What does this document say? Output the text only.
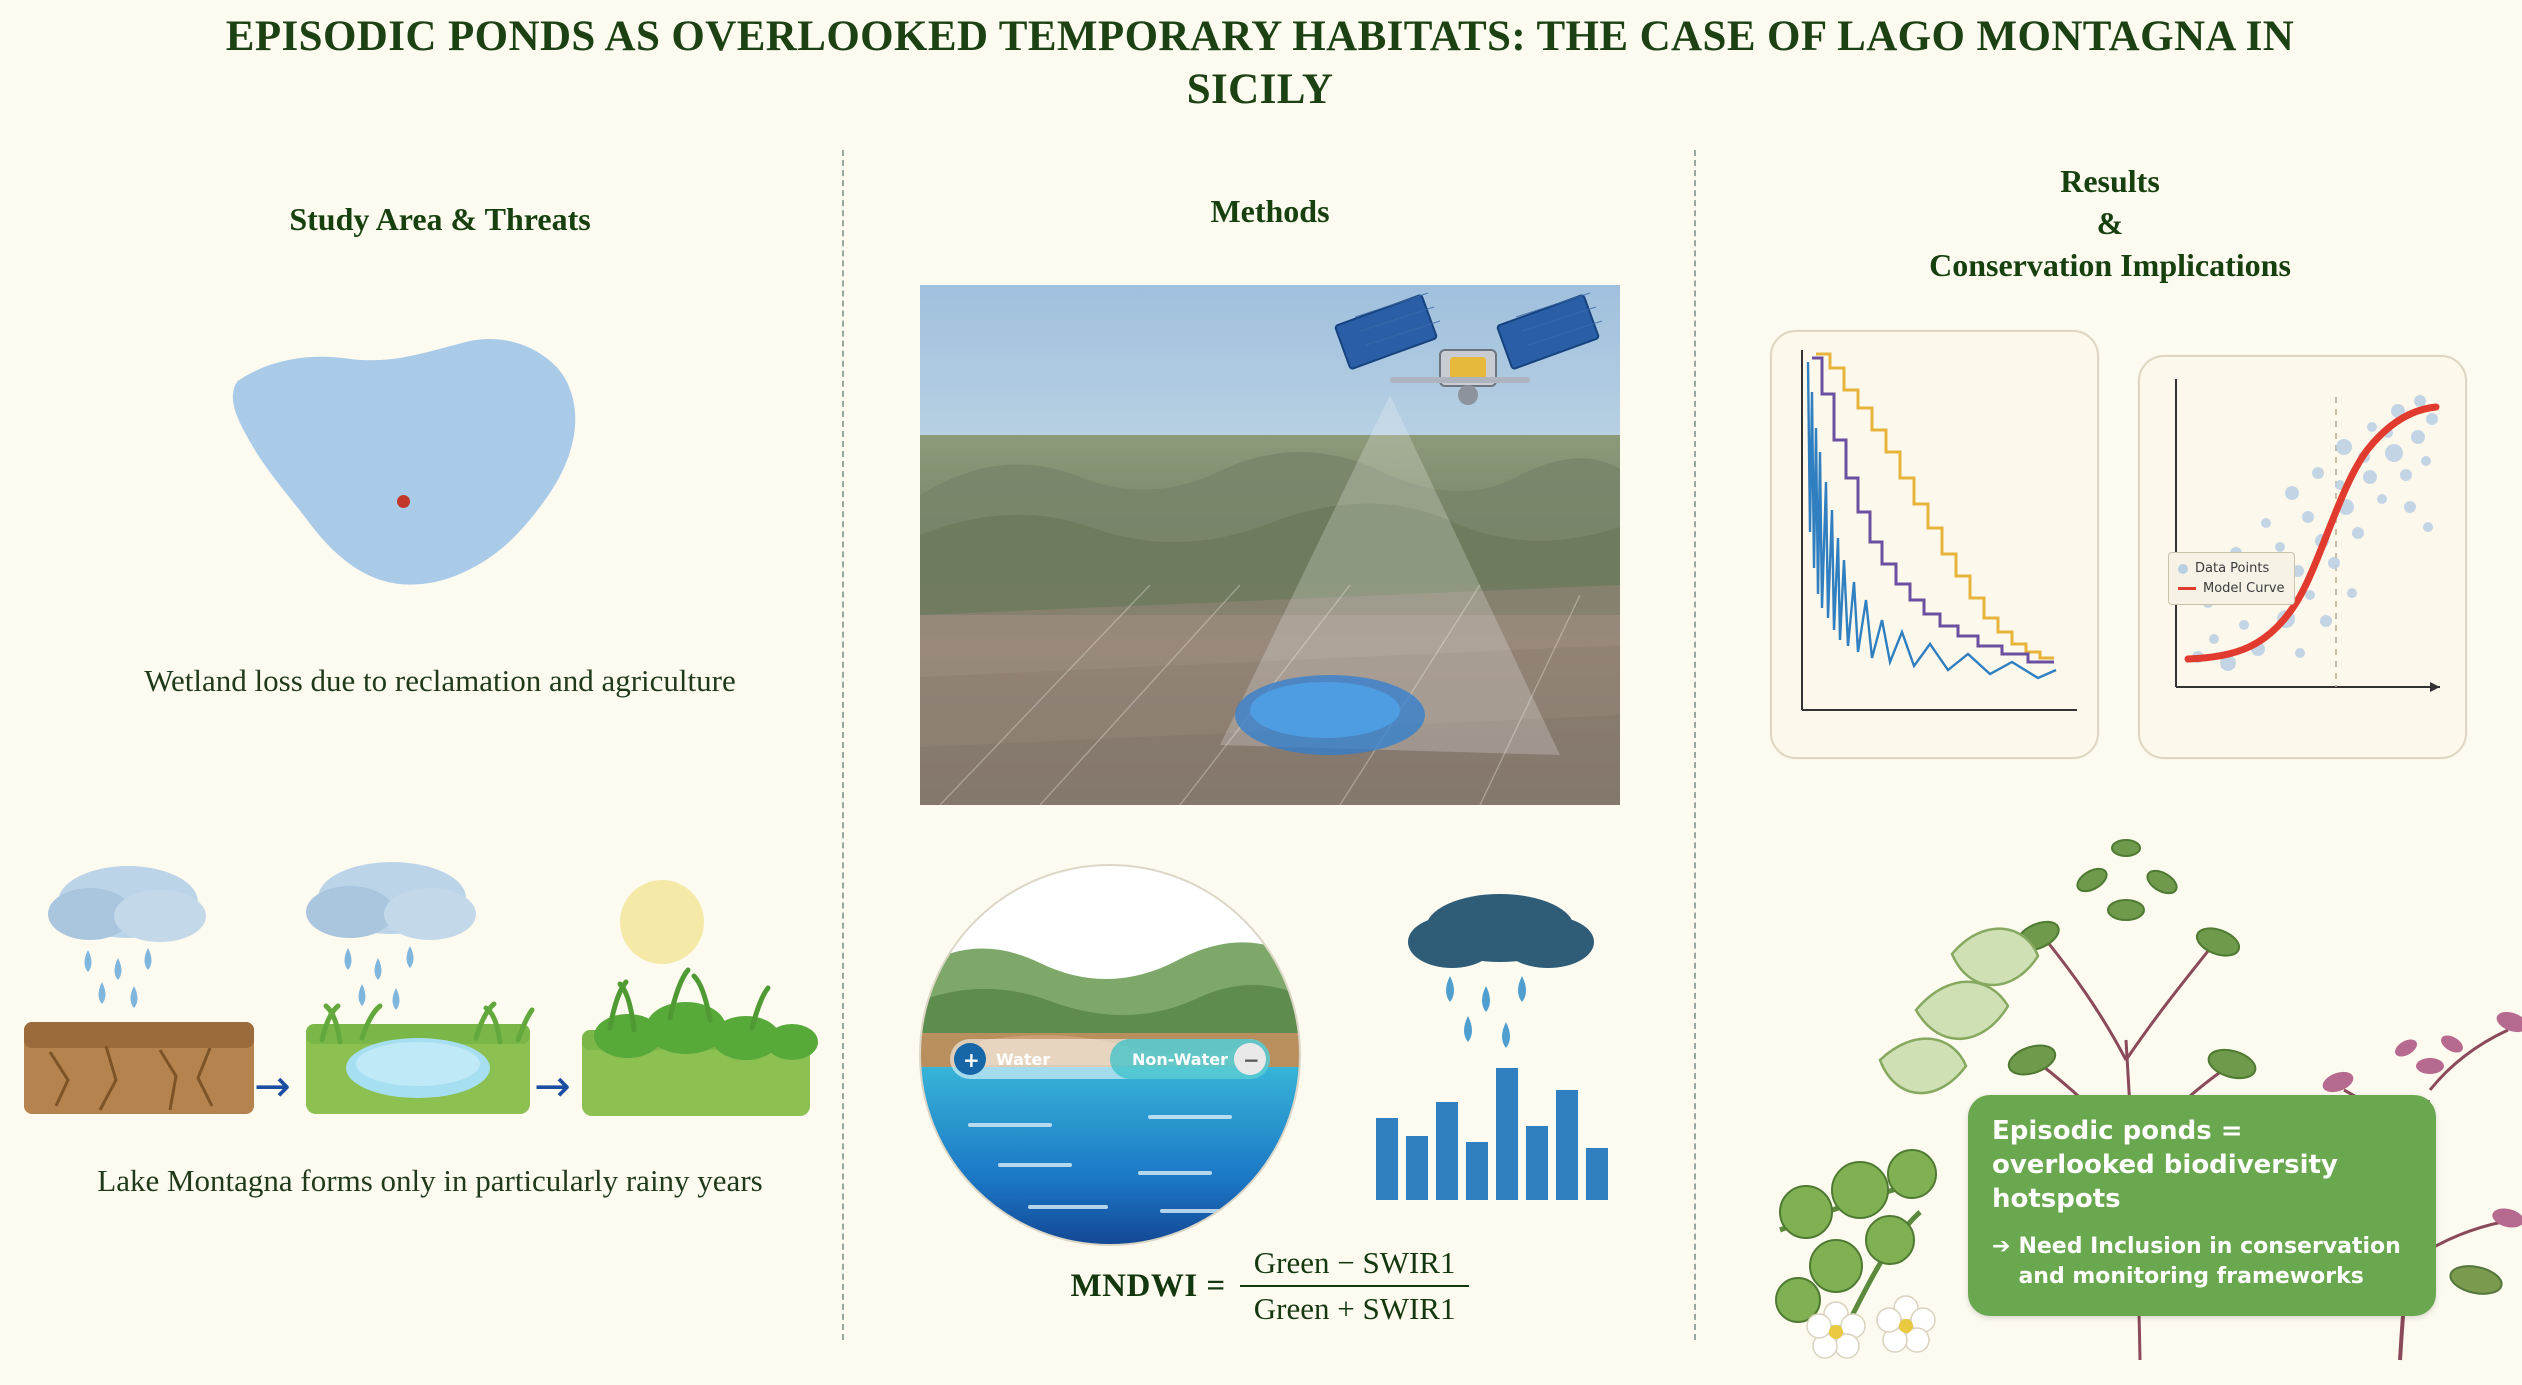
EPISODIC PONDS AS OVERLOOKED TEMPORARY HABITATS: THE CASE OF LAGO MONTAGNA IN SICILY
Study Area & Threats
Wetland loss due to reclamation and agriculture
→	→
Lake Montagna forms only in particularly rainy years
Methods
+ Water	Non-Water −
MNDWI = $\frac{\text{Green − SWIR1}}{\text{Green + SWIR1}}$
Results
&
Conservation Implications
Data Points
Model Curve
Episodic ponds = overlooked biodiversity hotspots
➔ Need Inclusion in conservation and monitoring frameworks
